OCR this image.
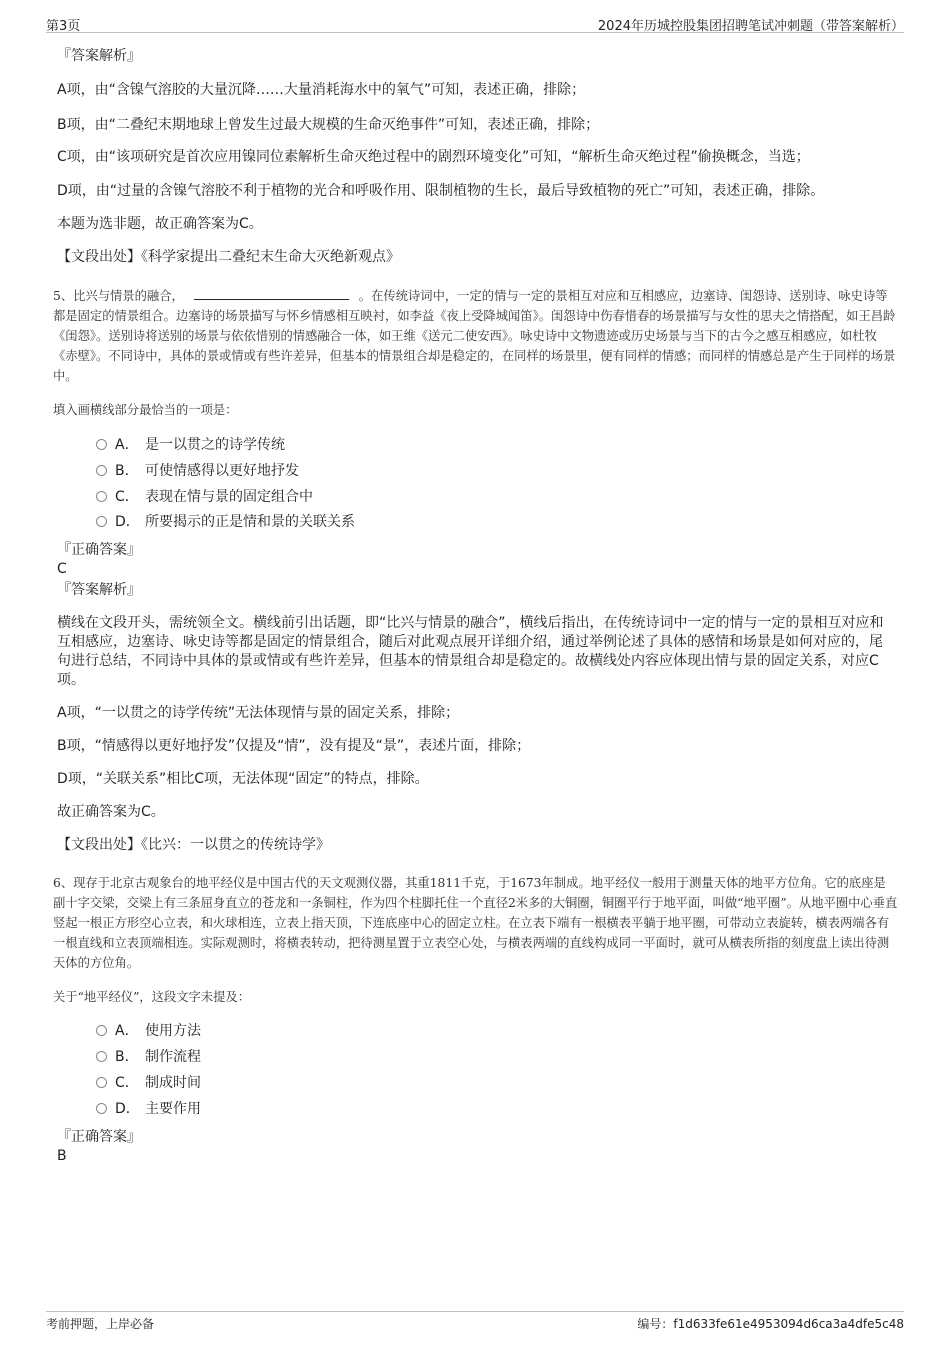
第3页	2024年历城控股集团招聘笔试冲刺题（带答案解析）
『答案解析』
A项，由“含镍气溶胶的大量沉降……大量消耗海水中的氧气”可知，表述正确，排除；
B项，由“二叠纪末期地球上曾发生过最大规模的生命灭绝事件”可知，表述正确，排除；
C项，由“该项研究是首次应用镍同位素解析生命灭绝过程中的剧烈环境变化”可知，“解析生命灭绝过程”偷换概念，当选；
D项，由“过量的含镍气溶胶不利于植物的光合和呼吸作用、限制植物的生长，最后导致植物的死亡”可知，表述正确，排除。
本题为选非题，故正确答案为C。
【文段出处】《科学家提出二叠纪末生命大灭绝新观点》
5、比兴与情景的融合，	。在传统诗词中，一定的情与一定的景相互对应和互相感应，边塞诗、闺怨诗、送别诗、咏史诗等都是固定的情景组合。边塞诗的场景描写与怀乡情感相互映衬，如李益《夜上受降城闻笛》。闺怨诗中伤春惜春的场景描写与女性的思夫之情搭配，如王昌龄《闺怨》。送别诗将送别的场景与依依惜别的情感融合一体，如王维《送元二使安西》。咏史诗中文物遗迹或历史场景与当下的古今之感互相感应，如杜牧《赤壁》。不同诗中，具体的景或情或有些许差异，但基本的情景组合却是稳定的，在同样的场景里，便有同样的情感；而同样的情感总是产生于同样的场景中。
填入画横线部分最恰当的一项是：
A． 是一以贯之的诗学传统
B． 可使情感得以更好地抒发
C． 表现在情与景的固定组合中
D． 所要揭示的正是情和景的关联关系
『正确答案』
C
『答案解析』
横线在文段开头，需统领全文。横线前引出话题，即“比兴与情景的融合”，横线后指出，在传统诗词中一定的情与一定的景相互对应和互相感应，边塞诗、咏史诗等都是固定的情景组合，随后对此观点展开详细介绍，通过举例论述了具体的感情和场景是如何对应的，尾句进行总结，不同诗中具体的景或情或有些许差异，但基本的情景组合却是稳定的。故横线处内容应体现出情与景的固定关系，对应C项。
A项，“一以贯之的诗学传统”无法体现情与景的固定关系，排除；
B项，“情感得以更好地抒发”仅提及“情”，没有提及“景”，表述片面，排除；
D项，“关联关系”相比C项，无法体现“固定”的特点，排除。
故正确答案为C。
【文段出处】《比兴：一以贯之的传统诗学》
6、现存于北京古观象台的地平经仪是中国古代的天文观测仪器，其重1811千克，于1673年制成。地平经仪一般用于测量天体的地平方位角。它的底座是副十字交梁，交梁上有三条屈身直立的苍龙和一条铜柱，作为四个柱脚托住一个直径2米多的大铜圈，铜圈平行于地平面，叫做“地平圈”。从地平圈中心垂直竖起一根正方形空心立表，和火球相连，立表上指天顶，下连底座中心的固定立柱。在立表下端有一根横表平躺于地平圈，可带动立表旋转，横表两端各有一根直线和立表顶端相连。实际观测时，将横表转动，把待测星置于立表空心处，与横表两端的直线构成同一平面时，就可从横表所指的刻度盘上读出待测天体的方位角。
关于“地平经仪”，这段文字未提及：
A． 使用方法
B． 制作流程
C． 制成时间
D． 主要作用
『正确答案』
B
考前押题，上岸必备	编号：f1d633fe61e4953094d6ca3a4dfe5c48
